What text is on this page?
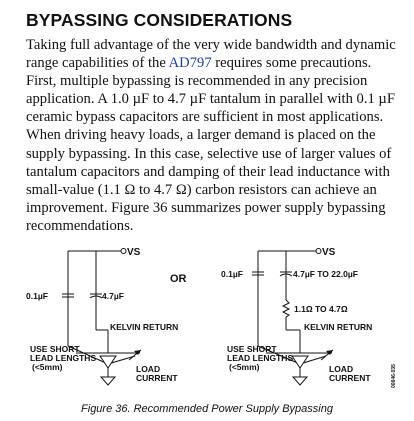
BYPASSING CONSIDERATIONS

Taking full advantage of the very wide bandwidth and dynamic range capabilities of the AD797 requires some precautions. First, multiple bypassing is recommended in any precision application. A 1.0 µF to 4.7 µF tantalum in parallel with 0.1 µF ceramic bypass capacitors are sufficient in most applications. When driving heavy loads, a larger demand is placed on the supply bypassing. In this case, selective use of larger values of tantalum capacitors and damping of their lead inductance with small-value (1.1 Ω to 4.7 Ω) carbon resistors can achieve an improvement. Figure 36 summarizes power supply bypassing recommendations.

VS
0.1µF	4.7µF
KELVIN RETURN
USE SHORT
LEAD LENGTHS
(<5mm)	LOAD
CURRENT
OR
VS
0.1µF	4.7µF TO 22.0µF
1.1Ω TO 4.7Ω
KELVIN RETURN
USE SHORT
LEAD LENGTHS
(<5mm)	LOAD
CURRENT	00846-035

Figure 36. Recommended Power Supply Bypassing
